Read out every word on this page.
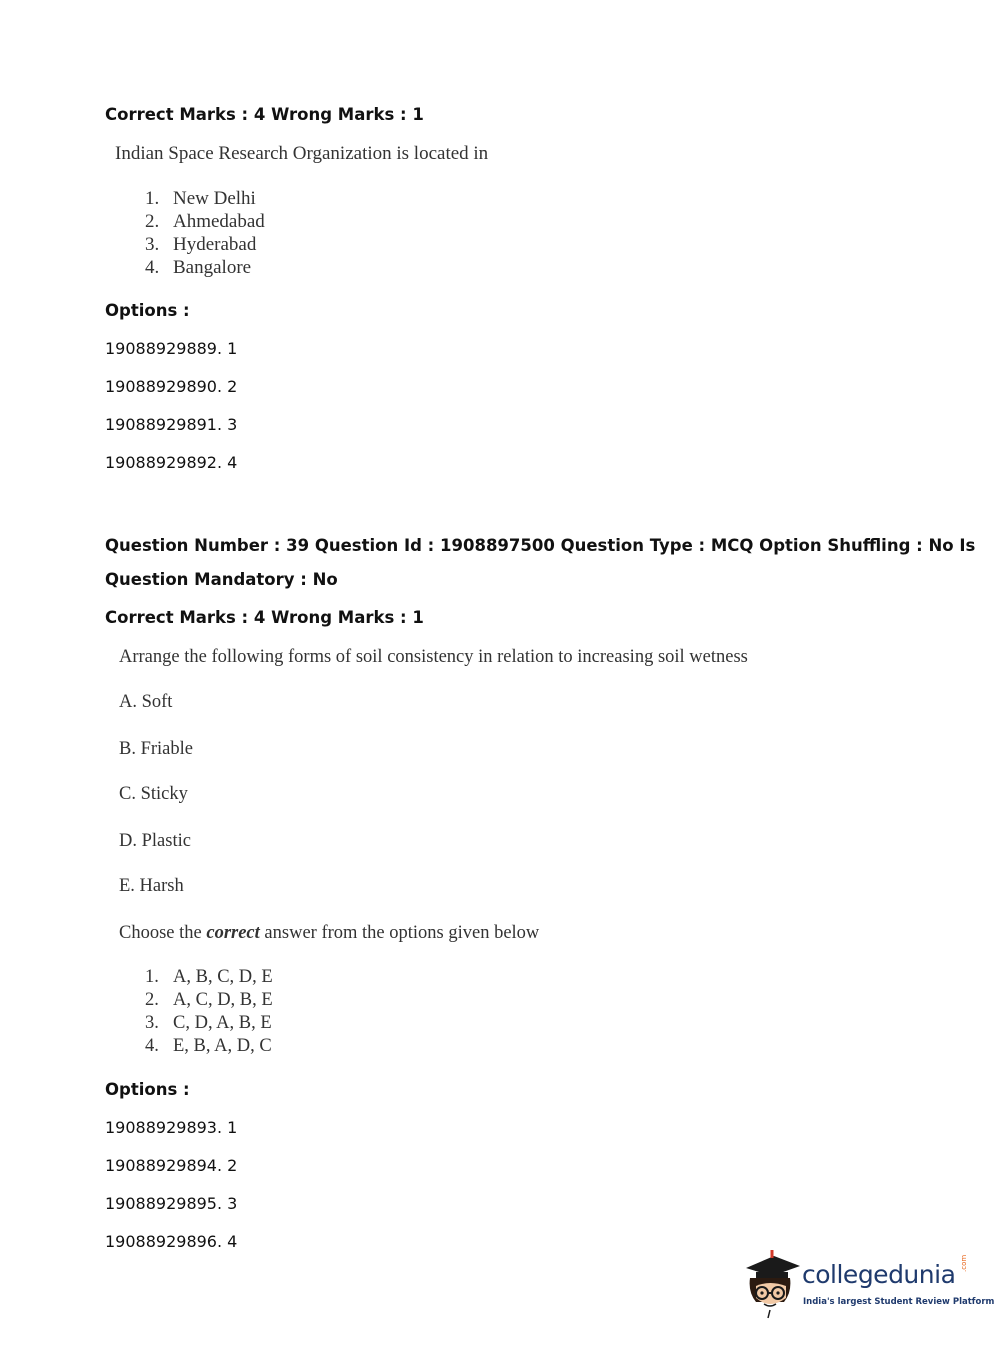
Correct Marks : 4 Wrong Marks : 1
Indian Space Research Organization is located in
1. New Delhi
2. Ahmedabad
3. Hyderabad
4. Bangalore
Options :
19088929889. 1
19088929890. 2
19088929891. 3
19088929892. 4
Question Number : 39 Question Id : 1908897500 Question Type : MCQ Option Shuffling : No Is
Question Mandatory : No
Correct Marks : 4 Wrong Marks : 1
Arrange the following forms of soil consistency in relation to increasing soil wetness
A. Soft
B. Friable
C. Sticky
D. Plastic
E. Harsh
Choose the correct answer from the options given below
1. A, B, C, D, E
2. A, C, D, B, E
3. C, D, A, B, E
4. E, B, A, D, C
Options :
19088929893. 1
19088929894. 2
19088929895. 3
19088929896. 4
collegedunia .com
India's largest Student Review Platform
